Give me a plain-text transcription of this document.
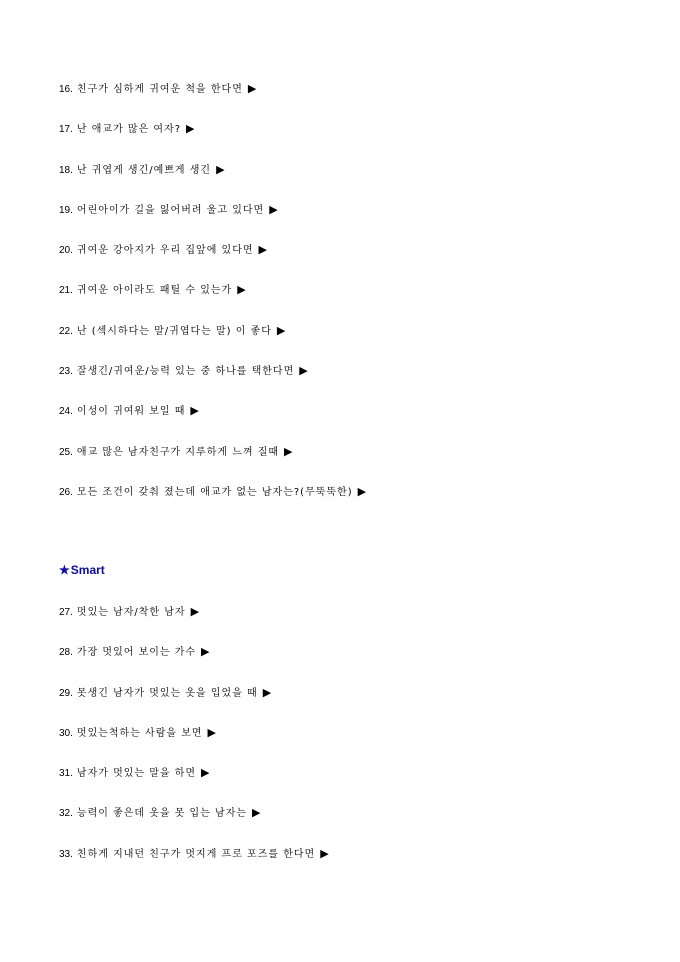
16. 친구가 심하게 귀여운 척을 한다면 ▶
17. 난 애교가 많은 여자? ▶
18. 난 귀엽게 생긴/예쁘게 생긴 ▶
19. 어린아이가 길을 잃어버려 울고 있다면 ▶
20. 귀여운 강아지가 우리 집앞에 있다면 ▶
21. 귀여운 아이라도 패틸 수 있는가 ▶
22. 난 (섹시하다는 말/귀엽다는 말) 이 좋다 ▶
23. 잘생긴/귀여운/능력 있는 중 하나를 택한다면 ▶
24. 이성이 귀여워 보일 때 ▶
25. 애교 많은 남자친구가 지루하게 느껴 질때 ▶
26. 모든 조건이 갖춰 졌는데 애교가 없는 남자는?(무뚝뚝한) ▶
★Smart
27. 멋있는 남자/착한 남자 ▶
28. 가장 멋있어 보이는 가수 ▶
29. 못생긴 남자가 멋있는 옷을 입었을 때 ▶
30. 멋있는척하는 사람을 보면 ▶
31. 남자가 멋있는 말을 하면 ▶
32. 능력이 좋은데 옷을 못 입는 남자는 ▶
33. 친하게 지내던 친구가 멋지게 프로 포즈를 한다면 ▶
